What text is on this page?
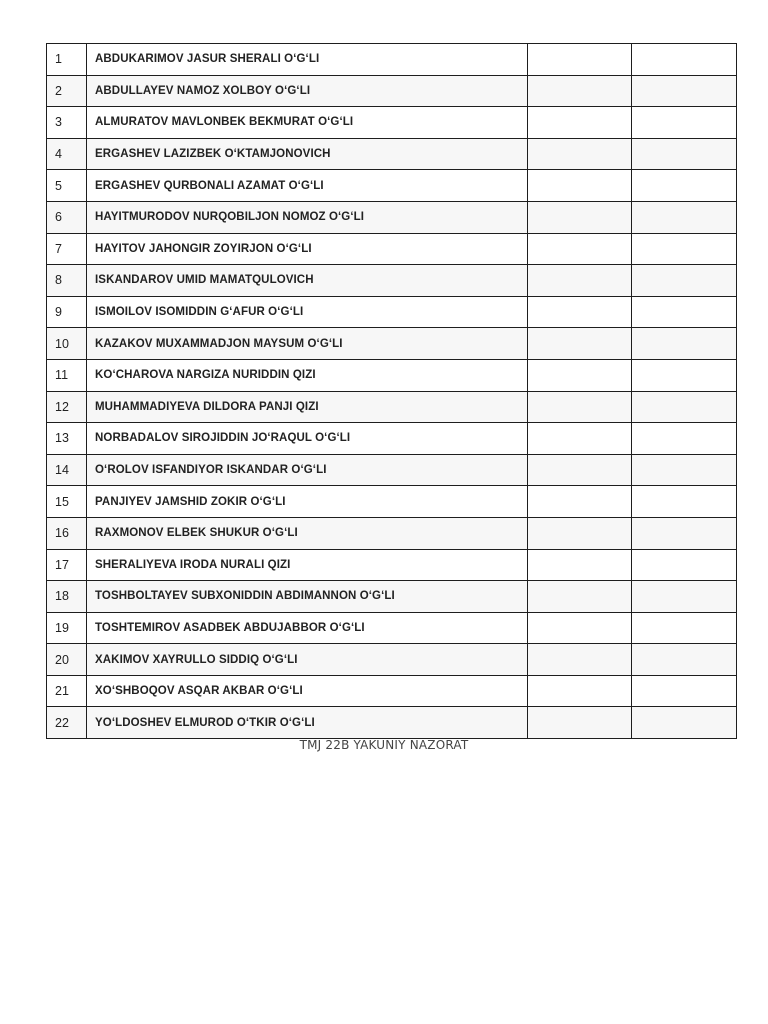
1	ABDUKARIMOV JASUR SHERALI O‘G‘LI		
2	ABDULLAYEV NAMOZ XOLBOY O‘G‘LI		
3	ALMURATOV MAVLONBEK BEKMURAT O‘G‘LI		
4	ERGASHEV LAZIZBEK O‘KTAMJONOVICH		
5	ERGASHEV QURBONALI AZAMAT O‘G‘LI		
6	HAYITMURODOV NURQOBILJON NOMOZ O‘G‘LI		
7	HAYITOV JAHONGIR ZOYIRJON O‘G‘LI		
8	ISKANDAROV UMID MAMATQULOVICH		
9	ISMOILOV ISOMIDDIN G‘AFUR O‘G‘LI		
10	KAZAKOV MUXAMMADJON MAYSUM O‘G‘LI		
11	KO‘CHAROVA NARGIZA NURIDDIN QIZI		
12	MUHAMMADIYEVA DILDORA PANJI QIZI		
13	NORBADALOV SIROJIDDIN JO‘RAQUL O‘G‘LI		
14	O‘ROLOV ISFANDIYOR ISKANDAR O‘G‘LI		
15	PANJIYEV JAMSHID ZOKIR O‘G‘LI		
16	RAXMONOV ELBEK SHUKUR O‘G‘LI		
17	SHERALIYEVA IRODA NURALI QIZI		
18	TOSHBOLTAYEV SUBXONIDDIN ABDIMANNON O‘G‘LI		
19	TOSHTEMIROV ASADBEK ABDUJABBOR O‘G‘LI		
20	XAKIMOV XAYRULLO SIDDIQ O‘G‘LI		
21	XO‘SHBOQOV ASQAR AKBAR O‘G‘LI		
22	YO‘LDOSHEV ELMUROD O‘TKIR O‘G‘LI		
TMJ 22B YAKUNIY NAZORAT
